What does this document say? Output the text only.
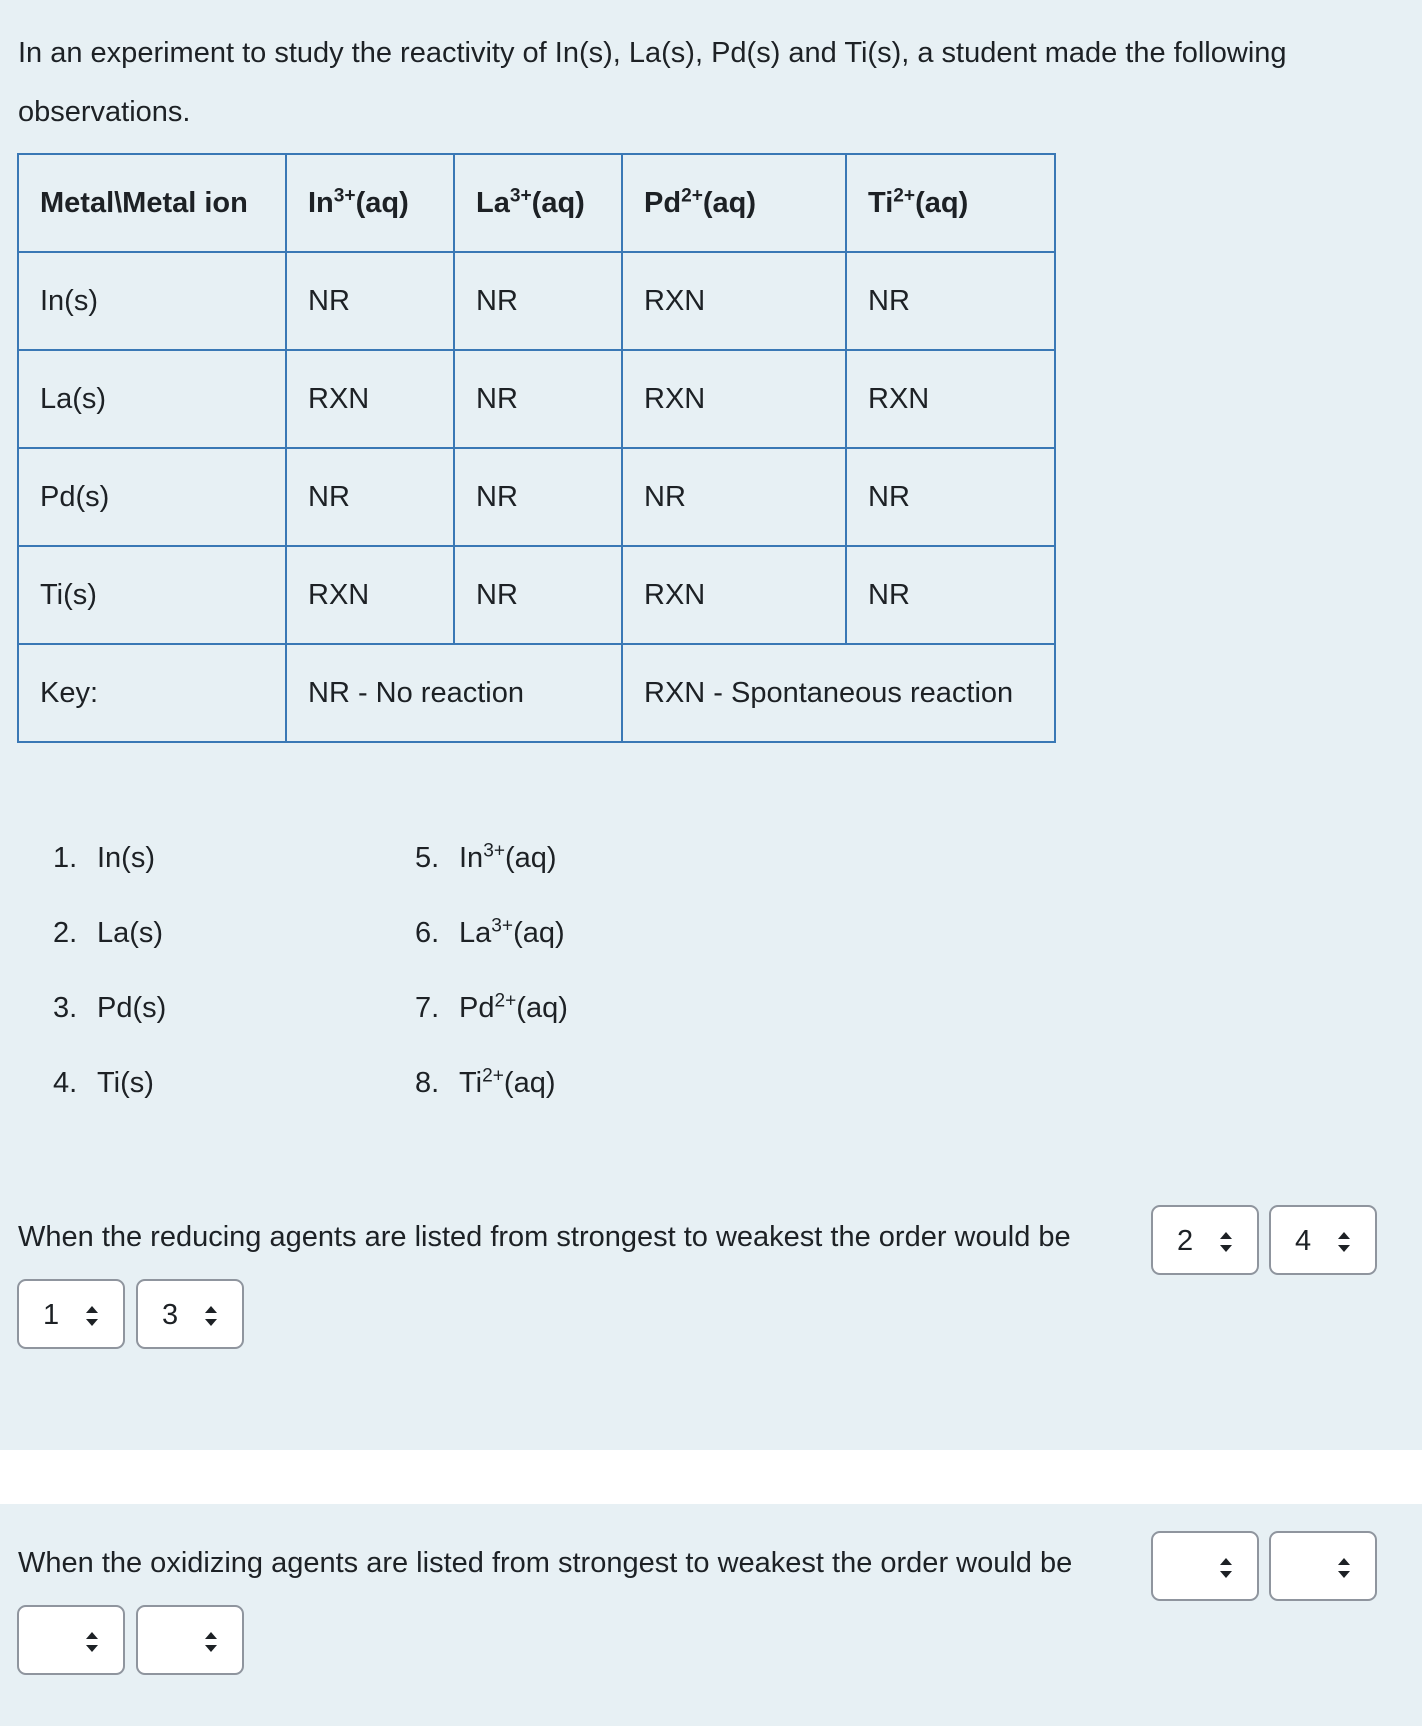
In an experiment to study the reactivity of In(s), La(s), Pd(s) and Ti(s), a student made the following observations.

Metal\Metal ion	$In^{3+}(aq)$	$La^{3+}(aq)$	$Pd^{2+}(aq)$	$Ti^{2+}(aq)$
In(s)	NR	NR	RXN	NR
La(s)	RXN	NR	RXN	RXN
Pd(s)	NR	NR	NR	NR
Ti(s)	RXN	NR	RXN	NR
Key:	NR - No reaction		RXN - Spontaneous reaction	
1. In(s)
2. La(s)
3. Pd(s)
4. Ti(s)
5. $In^{3+}(aq)$
6. $La^{3+}(aq)$
7. $Pd^{2+}(aq)$
8. $Ti^{2+}(aq)$
When the reducing agents are listed from strongest to weakest the order would be	2	4
1	3
When the oxidizing agents are listed from strongest to weakest the order would be
